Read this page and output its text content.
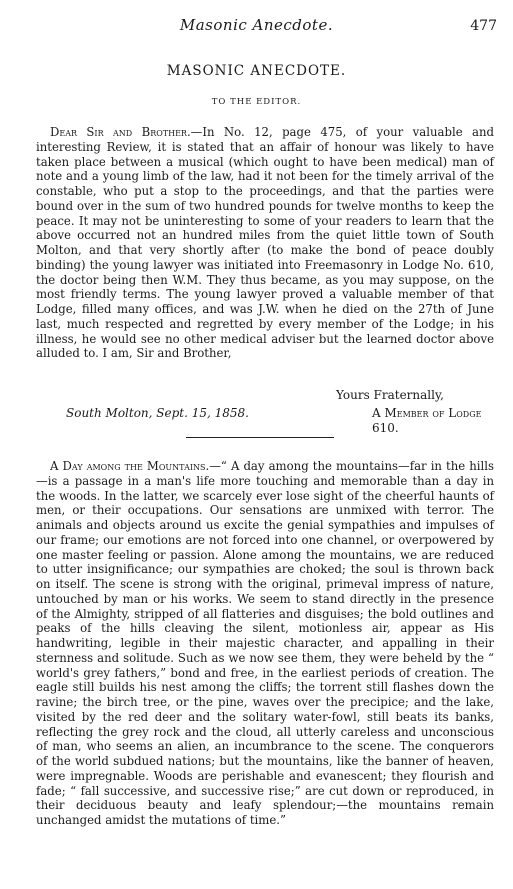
Masonic Anecdote.	477
MASONIC ANECDOTE.
TO THE EDITOR.

Dear Sir and Brother.—In No. 12, page 475, of your valuable and interesting Review, it is stated that an affair of honour was likely to have taken place between a musical (which ought to have been medical) man of note and a young limb of the law, had it not been for the timely arrival of the constable, who put a stop to the proceedings, and that the parties were bound over in the sum of two hundred pounds for twelve months to keep the peace. It may not be uninteresting to some of your readers to learn that the above occurred not an hundred miles from the quiet little town of South Molton, and that very shortly after (to make the bond of peace doubly binding) the young lawyer was initiated into Freemasonry in Lodge No. 610, the doctor being then W.M. They thus became, as you may suppose, on the most friendly terms. The young lawyer proved a valuable member of that Lodge, filled many offices, and was J.W. when he died on the 27th of June last, much respected and regretted by every member of the Lodge; in his illness, he would see no other medical adviser but the learned doctor above alluded to. I am, Sir and Brother,

Yours Fraternally,
South Molton, Sept. 15, 1858.	A Member of Lodge 610.

A Day among the Mountains.—“ A day among the mountains—far in the hills—is a passage in a man's life more touching and memorable than a day in the woods. In the latter, we scarcely ever lose sight of the cheerful haunts of men, or their occupations. Our sensations are unmixed with terror. The animals and objects around us excite the genial sympathies and impulses of our frame; our emotions are not forced into one channel, or overpowered by one master feeling or passion. Alone among the mountains, we are reduced to utter insignificance; our sympathies are choked; the soul is thrown back on itself. The scene is strong with the original, primeval impress of nature, untouched by man or his works. We seem to stand directly in the presence of the Almighty, stripped of all flatteries and disguises; the bold outlines and peaks of the hills cleaving the silent, motionless air, appear as His handwriting, legible in their majestic character, and appalling in their sternness and solitude. Such as we now see them, they were beheld by the “ world's grey fathers,” bond and free, in the earliest periods of creation. The eagle still builds his nest among the cliffs; the torrent still flashes down the ravine; the birch tree, or the pine, waves over the precipice; and the lake, visited by the red deer and the solitary water-fowl, still beats its banks, reflecting the grey rock and the cloud, all utterly careless and unconscious of man, who seems an alien, an incumbrance to the scene. The conquerors of the world subdued nations; but the mountains, like the banner of heaven, were impregnable. Woods are perishable and evanescent; they flourish and fade; “ fall successive, and successive rise;” are cut down or reproduced, in their deciduous beauty and leafy splendour;—the mountains remain unchanged amidst the mutations of time.”
